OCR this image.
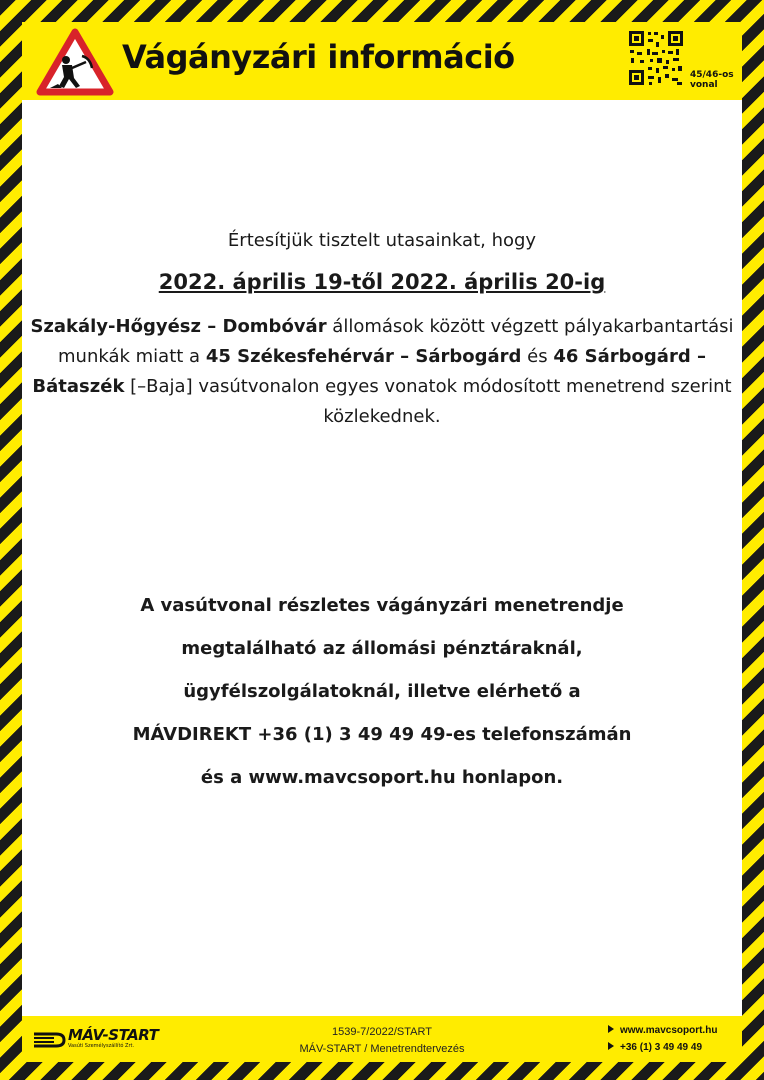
Vágányzári információ	45/46-os
vonal
Értesítjük tisztelt utasainkat, hogy
2022. április 19-től 2022. április 20-ig
Szakály-Hőgyész – Dombóvár állomások között végzett pályakarbantartási munkák miatt a 45 Székesfehérvár – Sárbogárd és 46 Sárbogárd – Bátaszék [–Baja] vasútvonalon egyes vonatok módosított menetrend szerint közlekednek.
A vasútvonal részletes vágányzári menetrendje
megtalálható az állomási pénztáraknál,
ügyfélszolgálatoknál, illetve elérhető a
MÁVDIREKT +36 (1) 3 49 49 49-es telefonszámán
és a www.mavcsoport.hu honlapon.
MÁV-START
Vasúti Személyszállító Zrt.
1539-7/2022/START
MÁV-START / Menetrendtervezés
www.mavcsoport.hu
+36 (1) 3 49 49 49
